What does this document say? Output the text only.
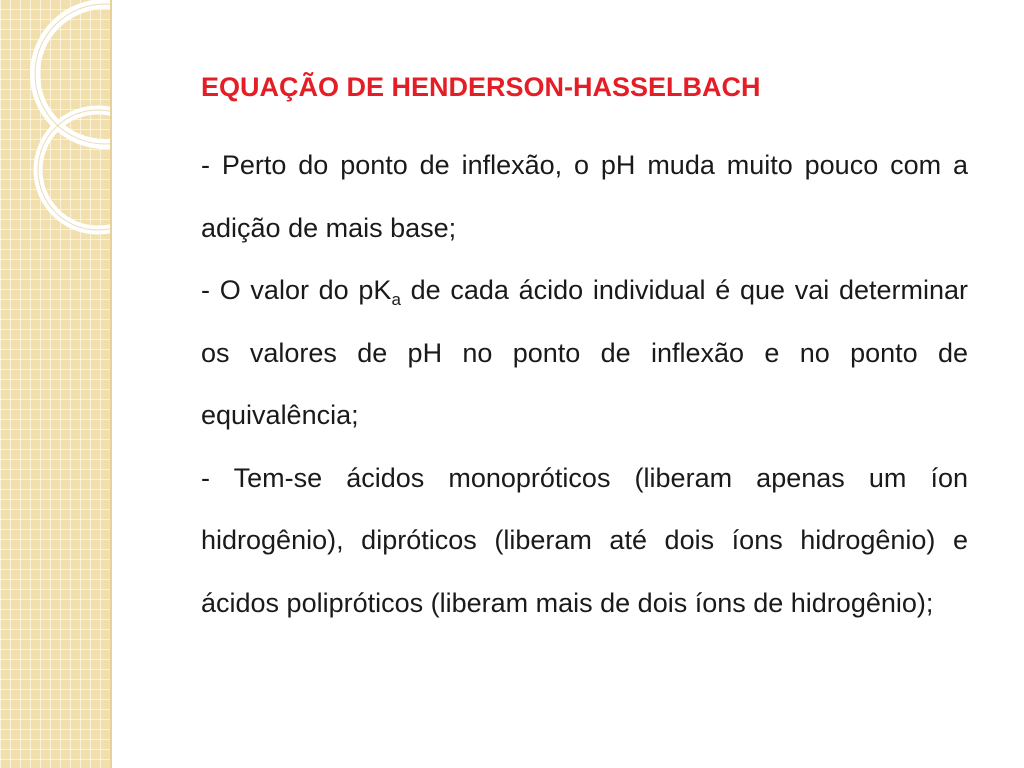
EQUAÇÃO DE HENDERSON-HASSELBACH

- Perto do ponto de inflexão, o pH muda muito pouco com a adição de mais base;

- O valor do $pK_a$ de cada ácido individual é que vai determinar os valores de pH no ponto de inflexão e no ponto de equivalência;

- Tem-se ácidos monopróticos (liberam apenas um íon hidrogênio), dipróticos (liberam até dois íons hidrogênio) e ácidos polipróticos (liberam mais de dois íons de hidrogênio);
